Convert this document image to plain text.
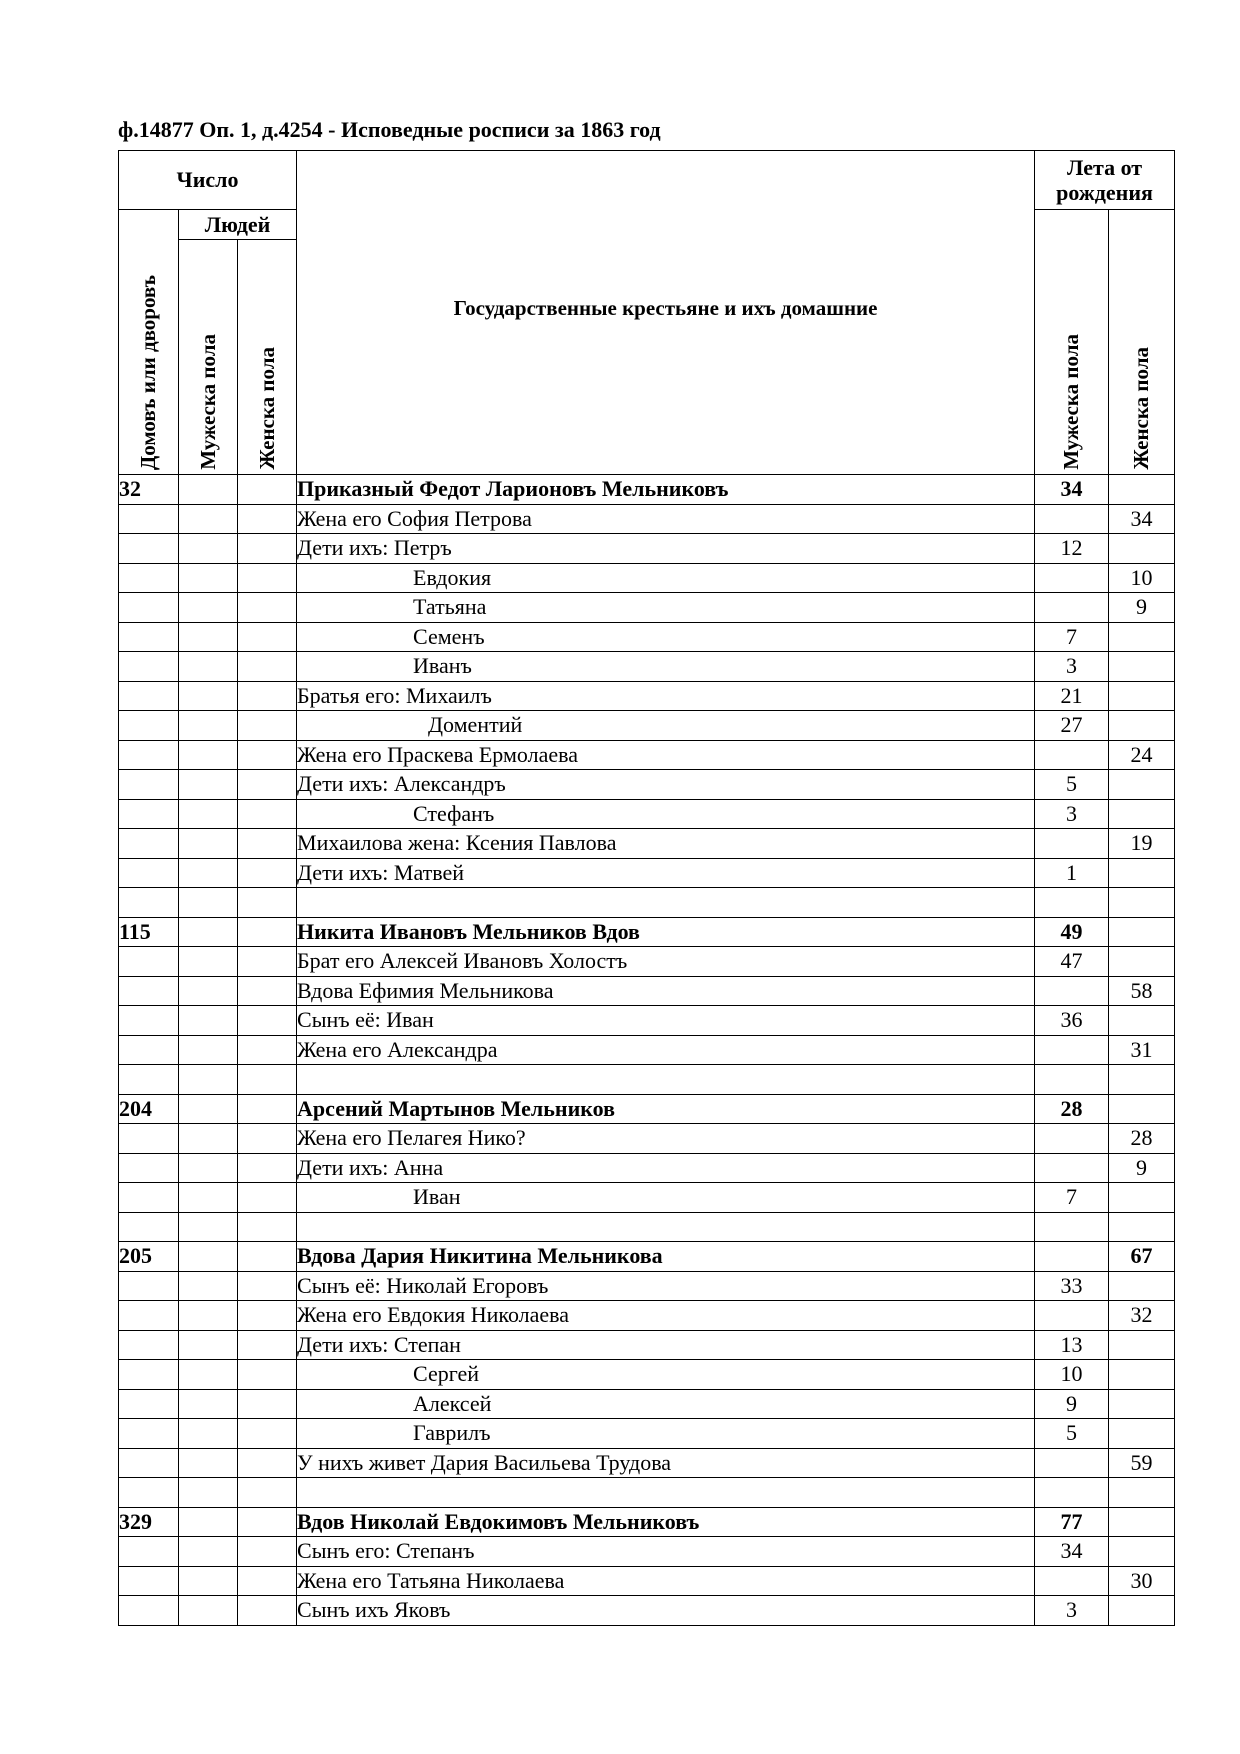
ф.14877 Оп. 1, д.4254 - Исповедные росписи за 1863 год
Число			Государственные крестьяне и ихъ домашние	Лета от рождения	
Домовъ или дворовъ	Людей			Мужеска пола	Женска пола
	Мужеска пола	Женска пола			
32			Приказный Федот Ларионовъ Мельниковъ	34	
			Жена его София Петрова		34
			Дети ихъ: Петръ	12	
			Евдокия		10
			Татьяна		9
			Семенъ	7	
			Иванъ	3	
			Братья его: Михаилъ	21	
			Доментий	27	
			Жена его Праскева Ермолаева		24
			Дети ихъ: Александръ	5	
			Стефанъ	3	
			Михаилова жена: Ксения Павлова		19
			Дети ихъ: Матвей	1	

115			Никита Ивановъ Мельников Вдов	49	
			Брат его Алексей Ивановъ Холостъ	47	
			Вдова Ефимия Мельникова		58
			Сынъ её: Иван	36	
			Жена его Александра		31

204			Арсений Мартынов Мельников	28	
			Жена его Пелагея Нико?		28
			Дети ихъ: Анна		9
			Иван	7	

205			Вдова Дария Никитина Мельникова		67
			Сынъ её: Николай Егоровъ	33	
			Жена его Евдокия Николаева		32
			Дети ихъ: Степан	13	
			Сергей	10	
			Алексей	9	
			Гаврилъ	5	
			У нихъ живет Дария Васильева Трудова		59

329			Вдов Николай Евдокимовъ Мельниковъ	77	
			Сынъ его: Степанъ	34	
			Жена его Татьяна Николаева		30
			Сынъ ихъ Яковъ	3	
